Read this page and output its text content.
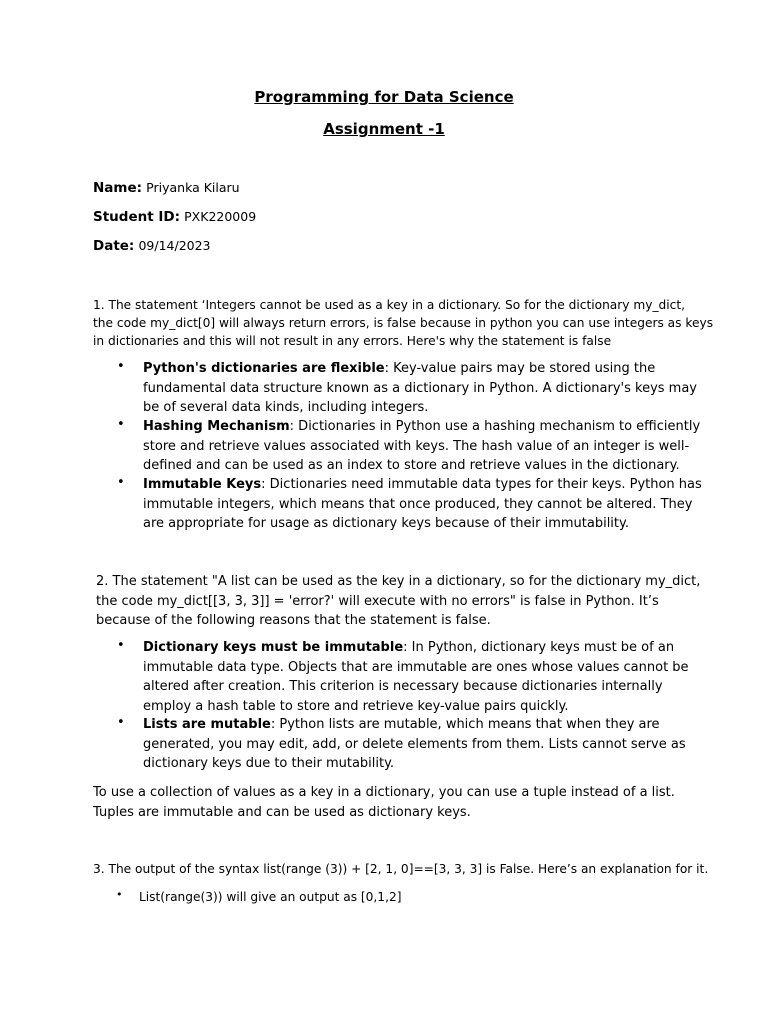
Programming for Data Science
Assignment -1
Name: Priyanka Kilaru
Student ID: PXK220009
Date: 09/14/2023
1. The statement ‘Integers cannot be used as a key in a dictionary. So for the dictionary my_dict,
the code my_dict[0] will always return errors, is false because in python you can use integers as keys
in dictionaries and this will not result in any errors. Here's why the statement is false
• Python's dictionaries are flexible: Key-value pairs may be stored using the
fundamental data structure known as a dictionary in Python. A dictionary's keys may
be of several data kinds, including integers.
• Hashing Mechanism: Dictionaries in Python use a hashing mechanism to efficiently
store and retrieve values associated with keys. The hash value of an integer is well-
defined and can be used as an index to store and retrieve values in the dictionary.
• Immutable Keys: Dictionaries need immutable data types for their keys. Python has
immutable integers, which means that once produced, they cannot be altered. They
are appropriate for usage as dictionary keys because of their immutability.
2. The statement "A list can be used as the key in a dictionary, so for the dictionary my_dict,
the code my_dict[[3, 3, 3]] = 'error?' will execute with no errors" is false in Python. It’s
because of the following reasons that the statement is false.
• Dictionary keys must be immutable: In Python, dictionary keys must be of an
immutable data type. Objects that are immutable are ones whose values cannot be
altered after creation. This criterion is necessary because dictionaries internally
employ a hash table to store and retrieve key-value pairs quickly.
• Lists are mutable: Python lists are mutable, which means that when they are
generated, you may edit, add, or delete elements from them. Lists cannot serve as
dictionary keys due to their mutability.
To use a collection of values as a key in a dictionary, you can use a tuple instead of a list.
Tuples are immutable and can be used as dictionary keys.
3. The output of the syntax list(range (3)) + [2, 1, 0]==[3, 3, 3] is False. Here’s an explanation for it.
• List(range(3)) will give an output as [0,1,2]
